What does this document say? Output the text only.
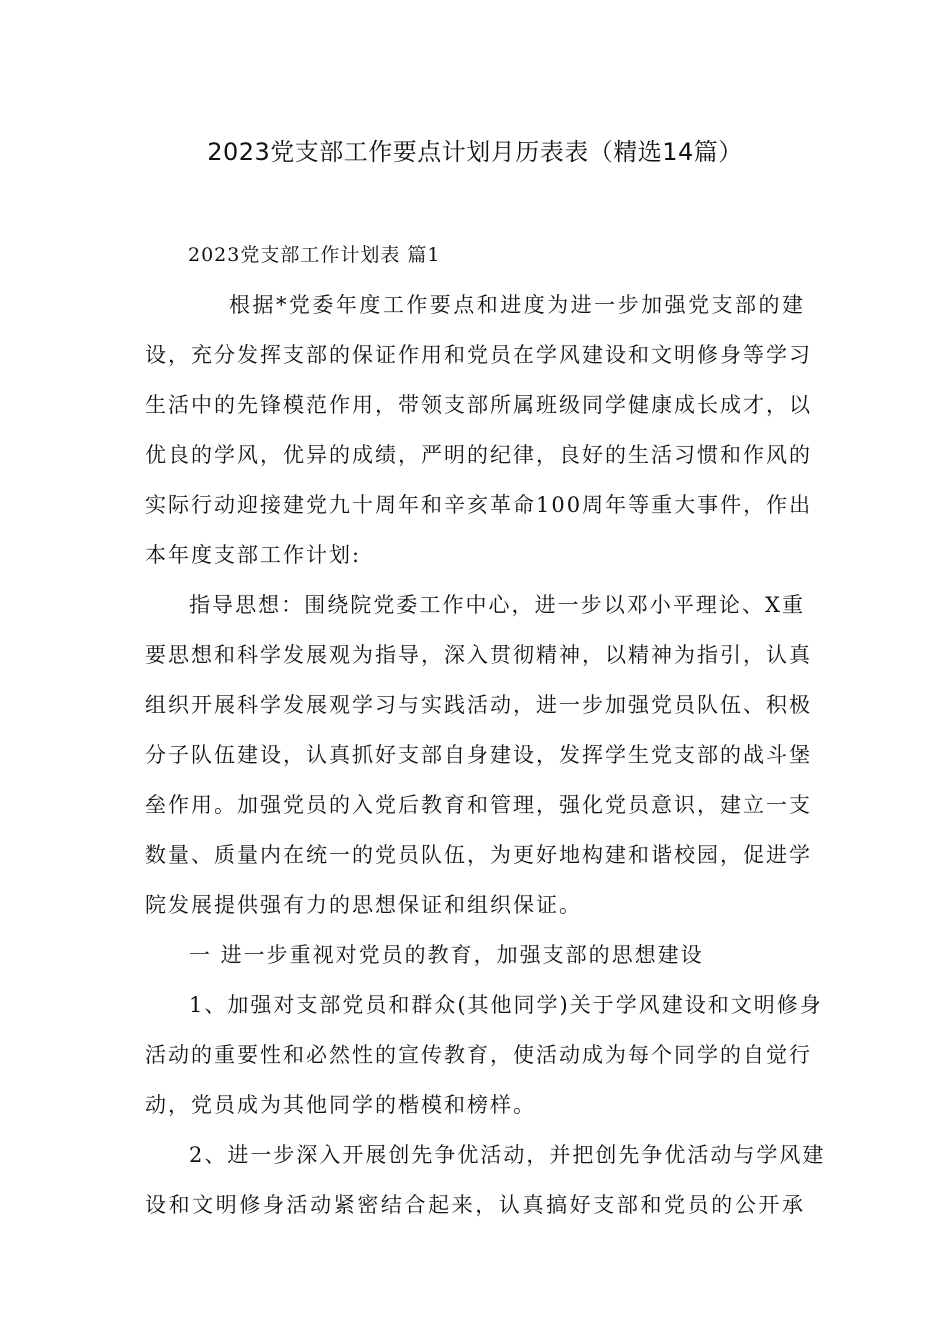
2023党支部工作要点计划月历表表（精选14篇）
2023党支部工作计划表 篇1
根据*党委年度工作要点和进度为进一步加强党支部的建
设，充分发挥支部的保证作用和党员在学风建设和文明修身等学习
生活中的先锋模范作用，带领支部所属班级同学健康成长成才，以
优良的学风，优异的成绩，严明的纪律，良好的生活习惯和作风的
实际行动迎接建党九十周年和辛亥革命100周年等重大事件，作出
本年度支部工作计划:
指导思想：围绕院党委工作中心，进一步以邓小平理论、X重
要思想和科学发展观为指导，深入贯彻精神，以精神为指引，认真
组织开展科学发展观学习与实践活动，进一步加强党员队伍、积极
分子队伍建设，认真抓好支部自身建设，发挥学生党支部的战斗堡
垒作用。加强党员的入党后教育和管理，强化党员意识，建立一支
数量、质量内在统一的党员队伍，为更好地构建和谐校园，促进学
院发展提供强有力的思想保证和组织保证。
一 进一步重视对党员的教育，加强支部的思想建设
1、加强对支部党员和群众(其他同学)关于学风建设和文明修身
活动的重要性和必然性的宣传教育，使活动成为每个同学的自觉行
动，党员成为其他同学的楷模和榜样。
2、进一步深入开展创先争优活动，并把创先争优活动与学风建
设和文明修身活动紧密结合起来，认真搞好支部和党员的公开承
